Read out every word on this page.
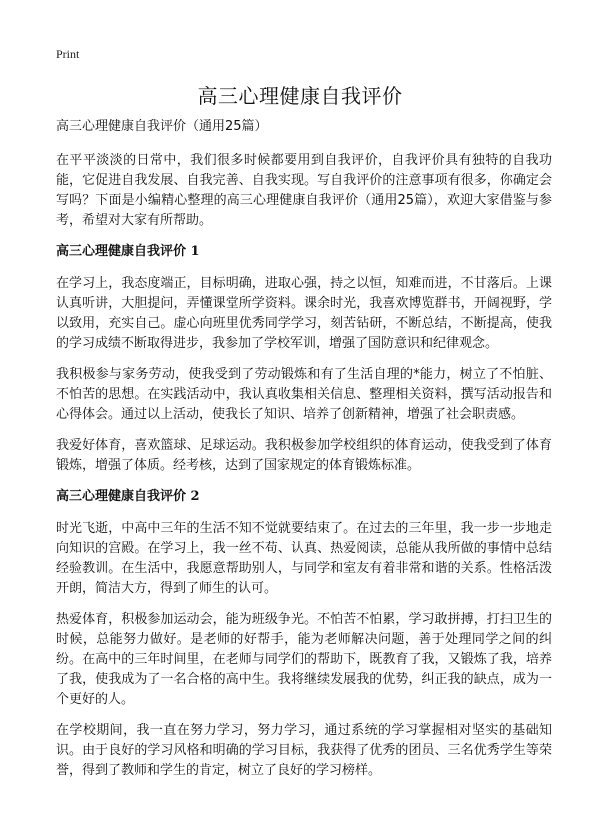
Print
高三心理健康自我评价

高三心理健康自我评价（通用25篇）

在平平淡淡的日常中，我们很多时候都要用到自我评价，自我评价具有独特的自我功能，它促进自我发展、自我完善、自我实现。写自我评价的注意事项有很多，你确定会写吗？下面是小编精心整理的高三心理健康自我评价（通用25篇），欢迎大家借鉴与参考，希望对大家有所帮助。

高三心理健康自我评价 1

在学习上，我态度端正，目标明确，进取心强，持之以恒，知难而进，不甘落后。上课认真听讲，大胆提问，弄懂课堂所学资料。课余时光，我喜欢博览群书，开阔视野，学以致用，充实自己。虚心向班里优秀同学学习，刻苦钻研，不断总结，不断提高，使我的学习成绩不断取得进步，我参加了学校军训，增强了国防意识和纪律观念。

我积极参与家务劳动，使我受到了劳动锻炼和有了生活自理的*能力，树立了不怕脏、不怕苦的思想。在实践活动中，我认真收集相关信息、整理相关资料，撰写活动报告和心得体会。通过以上活动，使我长了知识、培养了创新精神，增强了社会职责感。

我爱好体育，喜欢篮球、足球运动。我积极参加学校组织的体育运动，使我受到了体育锻炼，增强了体质。经考核，达到了国家规定的体育锻炼标准。

高三心理健康自我评价 2

时光飞逝，中高中三年的生活不知不觉就要结束了。在过去的三年里，我一步一步地走向知识的宫殿。在学习上，我一丝不苟、认真、热爱阅读，总能从我所做的事情中总结经验教训。在生活中，我愿意帮助别人，与同学和室友有着非常和谐的关系。性格活泼开朗，简洁大方，得到了师生的认可。

热爱体育，积极参加运动会，能为班级争光。不怕苦不怕累，学习敢拼搏，打扫卫生的时候，总能努力做好。是老师的好帮手，能为老师解决问题，善于处理同学之间的纠纷。在高中的三年时间里，在老师与同学们的帮助下，既教育了我，又锻炼了我，培养了我，使我成为了一名合格的高中生。我将继续发展我的优势，纠正我的缺点，成为一个更好的人。

在学校期间，我一直在努力学习，努力学习，通过系统的学习掌握相对坚实的基础知识。由于良好的学习风格和明确的学习目标，我获得了优秀的团员、三名优秀学生等荣誉，得到了教师和学生的肯定，树立了良好的学习榜样。
